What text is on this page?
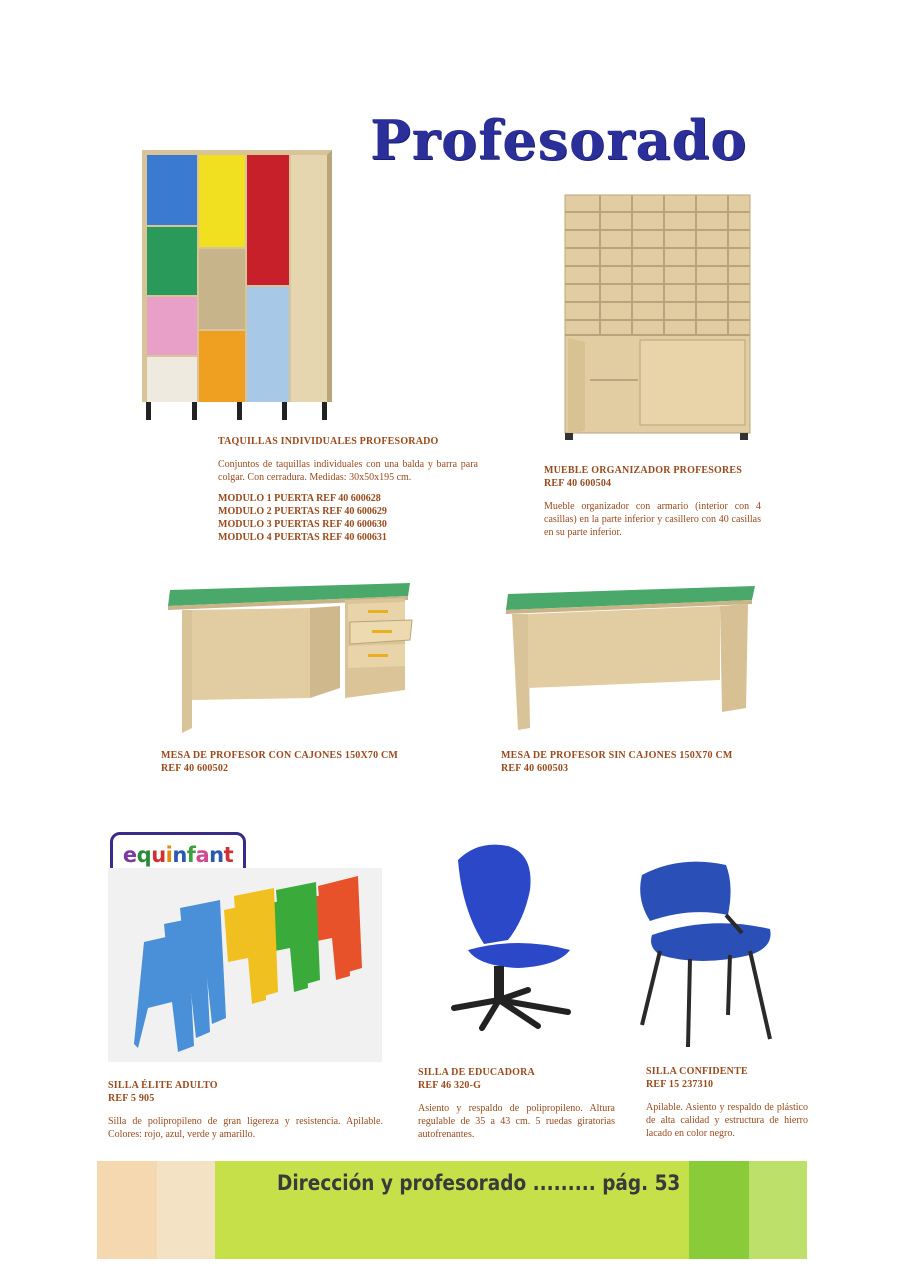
Profesorado
TAQUILLAS INDIVIDUALES PROFESORADO
Conjuntos de taquillas individuales con una balda y barra para colgar. Con cerradura. Medidas: 30x50x195 cm.
MODULO 1 PUERTA REF 40 600628
MODULO 2 PUERTAS REF 40 600629
MODULO 3 PUERTAS REF 40 600630
MODULO 4 PUERTAS REF 40 600631
MUEBLE ORGANIZADOR PROFESORES
REF 40 600504
Mueble organizador con armario (interior con 4 casillas) en la parte inferior y casillero con 40 casillas en su parte inferior.
MESA DE PROFESOR CON CAJONES 150X70 CM
REF 40 600502
MESA DE PROFESOR SIN CAJONES 150X70 CM
REF 40 600503
equinfant
SILLA ÉLITE ADULTO
REF 5 905
Silla de polipropileno de gran ligereza y resistencia. Apilable. Colores: rojo, azul, verde y amarillo.
SILLA DE EDUCADORA
REF 46 320-G
Asiento y respaldo de polipropileno. Altura regulable de 35 a 43 cm. 5 ruedas giratorias autofrenantes.
SILLA CONFIDENTE
REF 15 237310
Apilable. Asiento y respaldo de plástico de alta calidad y estructura de hierro lacado en color negro.
Dirección y profesorado ......... pág. 53
